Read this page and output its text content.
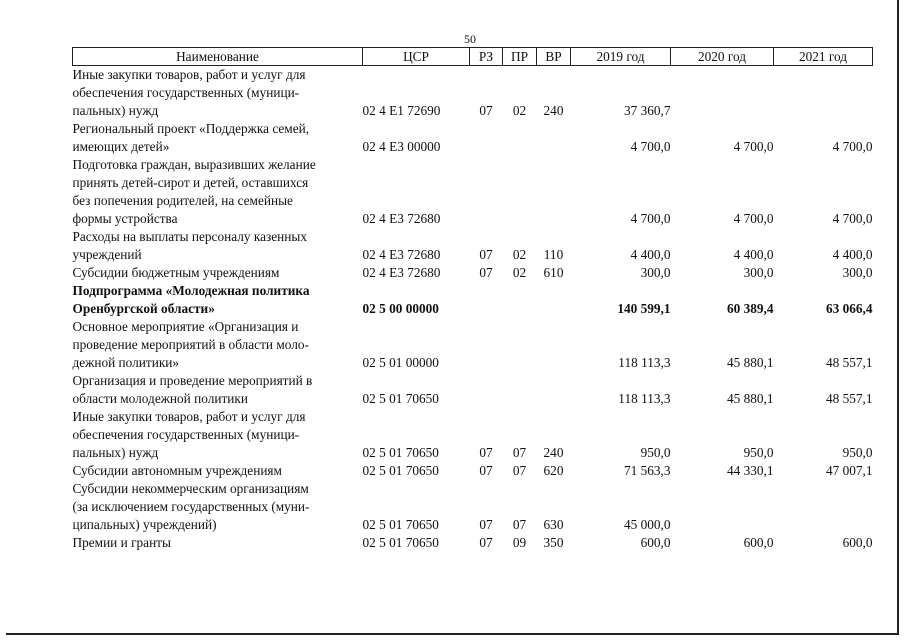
50
Наименование	ЦСР	РЗ	ПР	ВР	2019 год	2020 год	2021 год

Иные закупки товаров, работ и услуг для
обеспечения государственных (муници-
пальных) нужд	02 4 E1 72690	07	02	240	37 360,7		

Региональный проект «Поддержка семей,
имеющих детей»	02 4 E3 00000				4 700,0	4 700,0	4 700,0

Подготовка граждан, выразивших желание
принять детей-сирот и детей, оставшихся
без попечения родителей, на семейные
формы устройства	02 4 E3 72680				4 700,0	4 700,0	4 700,0

Расходы на выплаты персоналу казенных
учреждений	02 4 E3 72680	07	02	110	4 400,0	4 400,0	4 400,0

Субсидии бюджетным учреждениям	02 4 E3 72680	07	02	610	300,0	300,0	300,0

Подпрограмма «Молодежная политика
Оренбургской области»	02 5 00 00000				140 599,1	60 389,4	63 066,4

Основное мероприятие «Организация и
проведение мероприятий в области моло-
дежной политики»	02 5 01 00000				118 113,3	45 880,1	48 557,1

Организация и проведение мероприятий в
области молодежной политики	02 5 01 70650				118 113,3	45 880,1	48 557,1

Иные закупки товаров, работ и услуг для
обеспечения государственных (муници-
пальных) нужд	02 5 01 70650	07	07	240	950,0	950,0	950,0

Субсидии автономным учреждениям	02 5 01 70650	07	07	620	71 563,3	44 330,1	47 007,1

Субсидии некоммерческим организациям
(за исключением государственных (муни-
ципальных) учреждений)	02 5 01 70650	07	07	630	45 000,0		

Премии и гранты	02 5 01 70650	07	09	350	600,0	600,0	600,0
